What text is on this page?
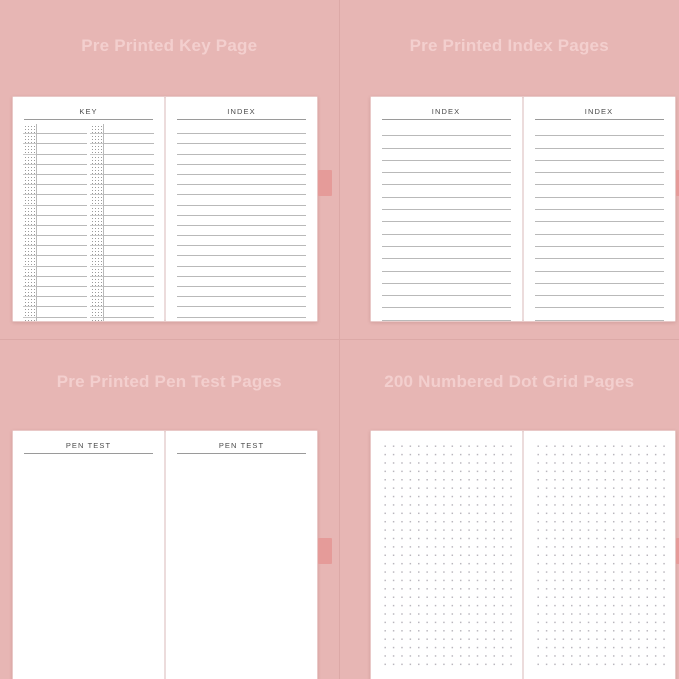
Pre Printed Key Page
KEY	INDEX
Pre Printed Index Pages
INDEX	INDEX
Pre Printed Pen Test Pages
PEN TEST	PEN TEST
200 Numbered Dot Grid Pages
